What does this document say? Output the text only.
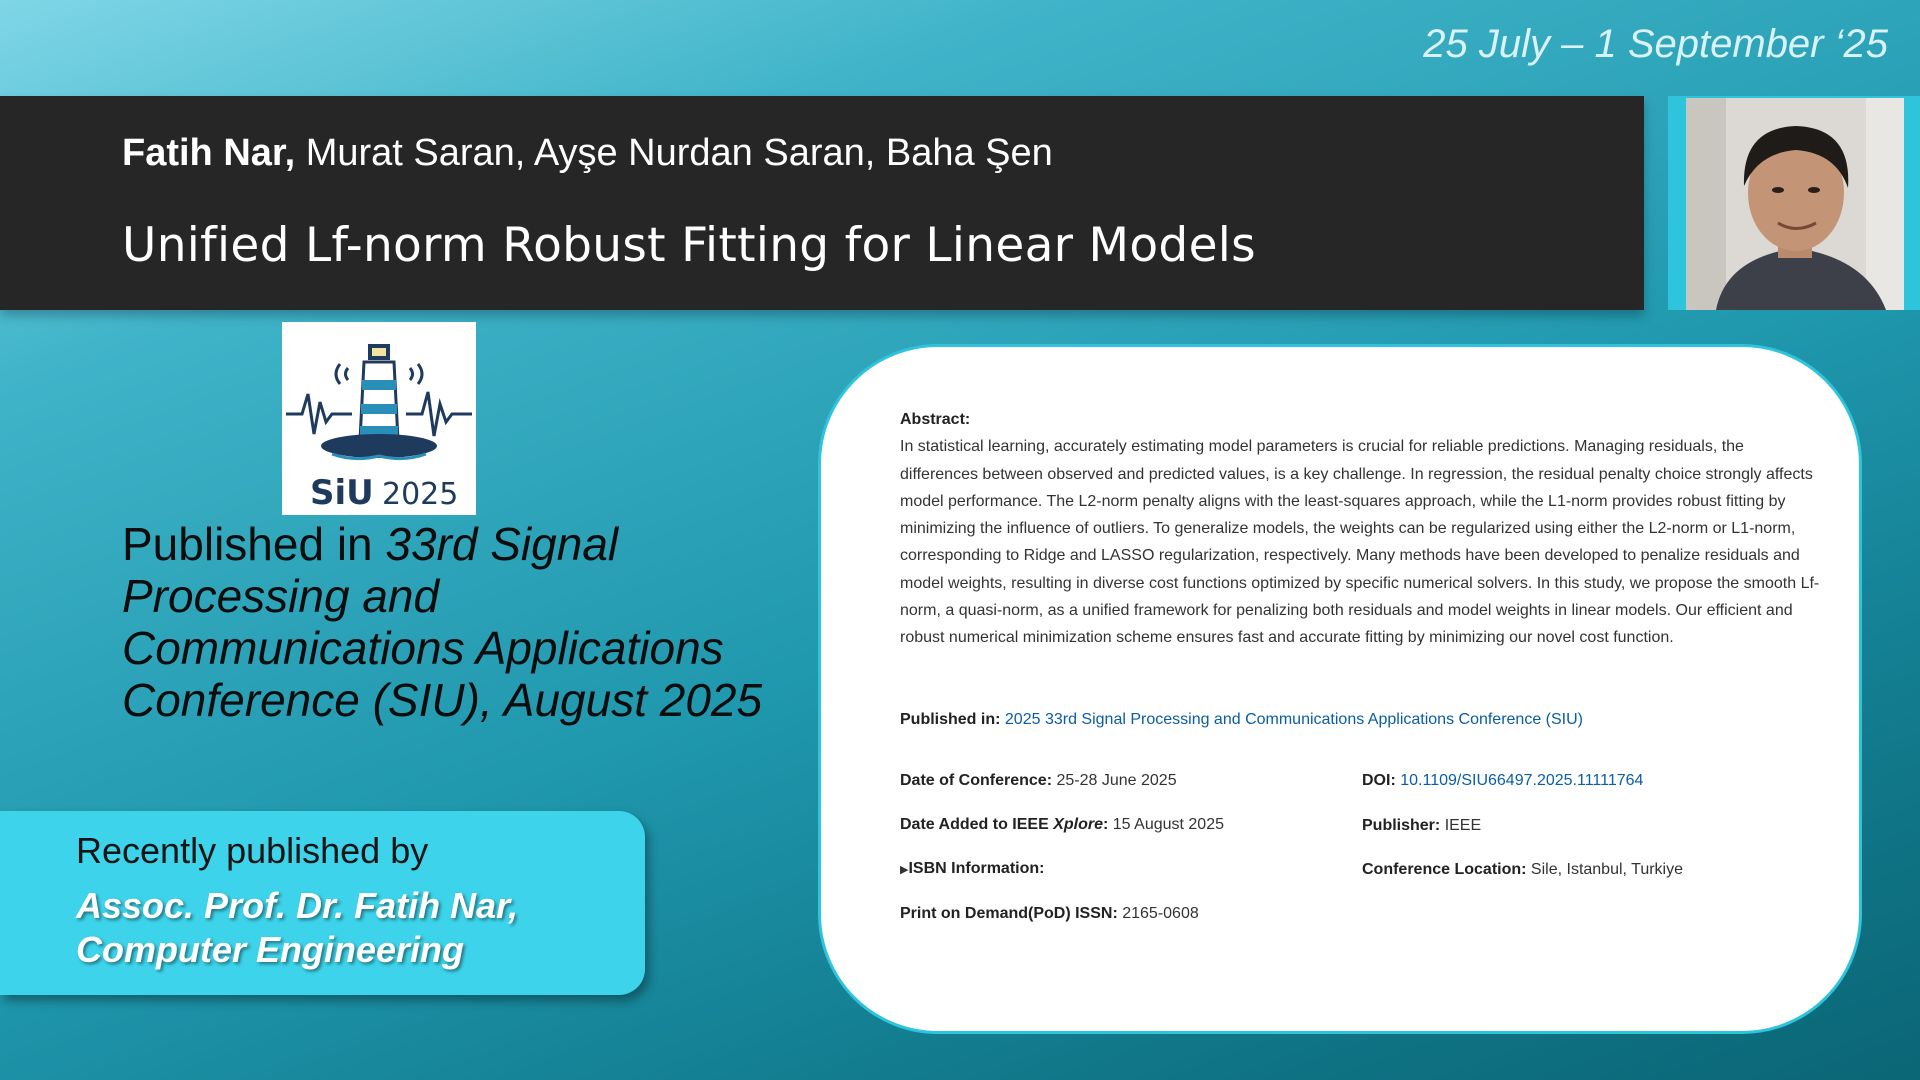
25 July – 1 September ‘25
Fatih Nar, Murat Saran, Ayşe Nurdan Saran, Baha Şen
Unified Lf-norm Robust Fitting for Linear Models
SiU 2025
Published in 33rd Signal Processing and Communications Applications Conference (SIU), August 2025
Recently published by
Assoc. Prof. Dr. Fatih Nar,
Computer Engineering
Abstract:
In statistical learning, accurately estimating model parameters is crucial for reliable predictions. Managing residuals, the differences between observed and predicted values, is a key challenge. In regression, the residual penalty choice strongly affects model performance. The L2-norm penalty aligns with the least-squares approach, while the L1-norm provides robust fitting by minimizing the influence of outliers. To generalize models, the weights can be regularized using either the L2-norm or L1-norm, corresponding to Ridge and LASSO regularization, respectively. Many methods have been developed to penalize residuals and model weights, resulting in diverse cost functions optimized by specific numerical solvers. In this study, we propose the smooth Lf-norm, a quasi-norm, as a unified framework for penalizing both residuals and model weights in linear models. Our efficient and robust numerical minimization scheme ensures fast and accurate fitting by minimizing our novel cost function.
Published in: 2025 33rd Signal Processing and Communications Applications Conference (SIU)
Date of Conference: 25-28 June 2025
Date Added to IEEE Xplore: 15 August 2025
▶ISBN Information:
Print on Demand(PoD) ISSN: 2165-0608
DOI: 10.1109/SIU66497.2025.11111764
Publisher: IEEE
Conference Location: Sile, Istanbul, Turkiye
